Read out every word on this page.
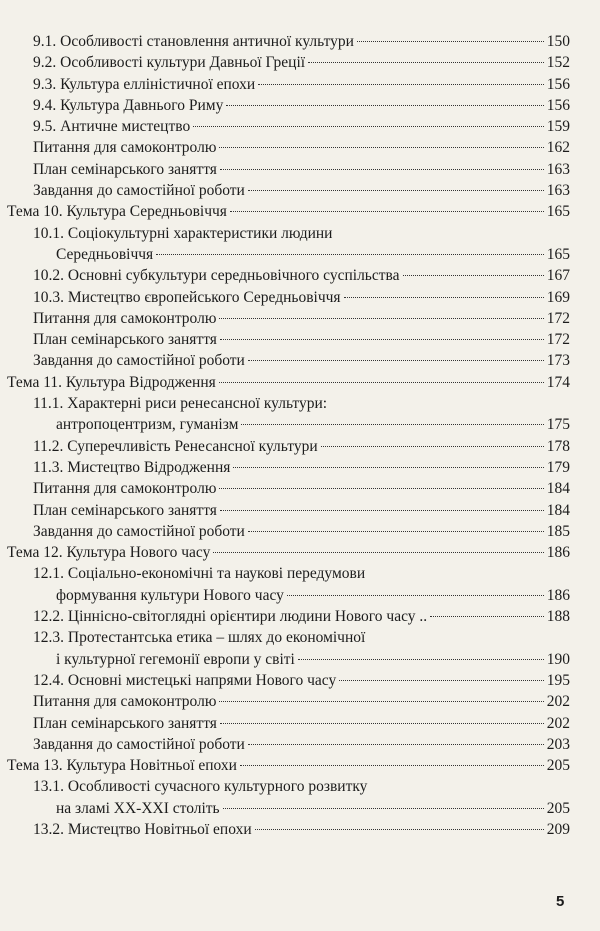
9.1. Особливості становлення античної культури	150
9.2. Особливості культури Давньої Греції	152
9.3. Культура елліністичної епохи	156
9.4. Культура Давнього Риму	156
9.5. Античне мистецтво	159
Питання для самоконтролю	162
План семінарського заняття	163
Завдання до самостійної роботи	163
Тема 10. Культура Середньовіччя	165
10.1. Соціокультурні характеристики людини
Середньовіччя	165
10.2. Основні субкультури середньовічного суспільства	167
10.3. Мистецтво європейського Середньовіччя	169
Питання для самоконтролю	172
План семінарського заняття	172
Завдання до самостійної роботи	173
Тема 11. Культура Відродження	174
11.1. Характерні риси ренесансної культури:
антропоцентризм, гуманізм	175
11.2. Суперечливість Ренесансної культури	178
11.3. Мистецтво Відродження	179
Питання для самоконтролю	184
План семінарського заняття	184
Завдання до самостійної роботи	185
Тема 12. Культура Нового часу	186
12.1. Соціально-економічні та наукові передумови
формування культури Нового часу	186
12.2. Ціннісно-світоглядні орієнтири людини Нового часу ..	188
12.3. Протестантська етика – шлях до економічної
і культурної гегемонії европи у світі	190
12.4. Основні мистецькі напрями Нового часу	195
Питання для самоконтролю	202
План семінарського заняття	202
Завдання до самостійної роботи	203
Тема 13. Культура Новітньої епохи	205
13.1. Особливості сучасного культурного розвитку
на зламі XX-XXI століть	205
13.2. Мистецтво Новітньої епохи	209
5
